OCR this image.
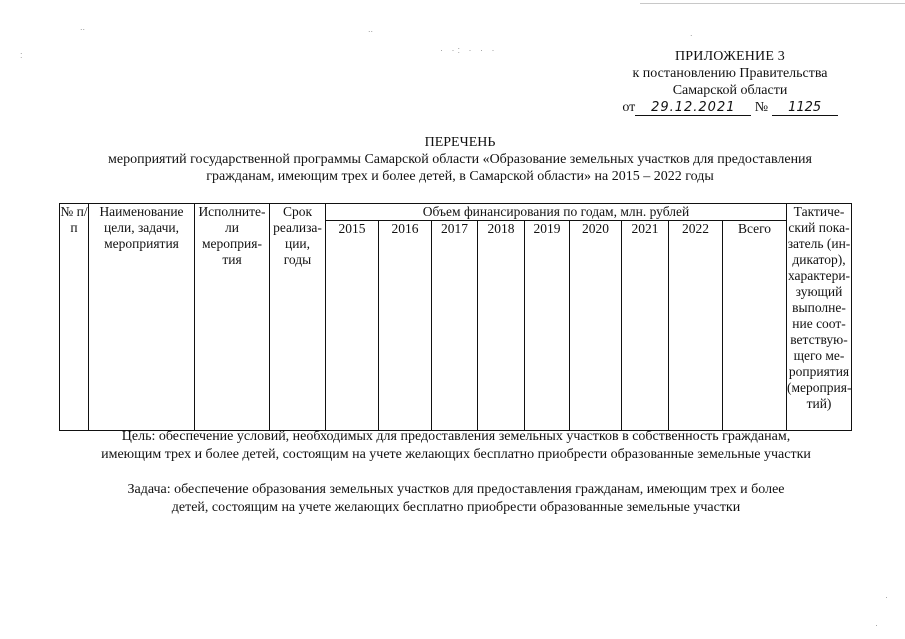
..	..	.
· ·: · · ·
:
·
·
ПРИЛОЖЕНИЕ 3
к постановлению Правительства
Самарской области
от 29.12.2021 № 1125
ПЕРЕЧЕНЬ
мероприятий государственной программы Самарской области «Образование земельных участков для предоставления
гражданам, имеющим трех и более детей, в Самарской области» на 2015 – 2022 годы
№ п/п	Наименование цели, задачи, мероприятия	Исполните-ли мероприя-тия	Срок реализа-ции, годы	Объем финансирования по годам, млн. рублей									Тактиче-ский пока-затель (ин-дикатор), характери-зующий выполне-ние соот-ветствую-щего ме-роприятия (мероприя-тий)
				2015	2016	2017	2018	2019	2020	2021	2022	Всего	
Цель: обеспечение условий, необходимых для предоставления земельных участков в собственность гражданам,
имеющим трех и более детей, состоящим на учете желающих бесплатно приобрести образованные земельные участки
Задача: обеспечение образования земельных участков для предоставления гражданам, имеющим трех и более
детей, состоящим на учете желающих бесплатно приобрести образованные земельные участки
